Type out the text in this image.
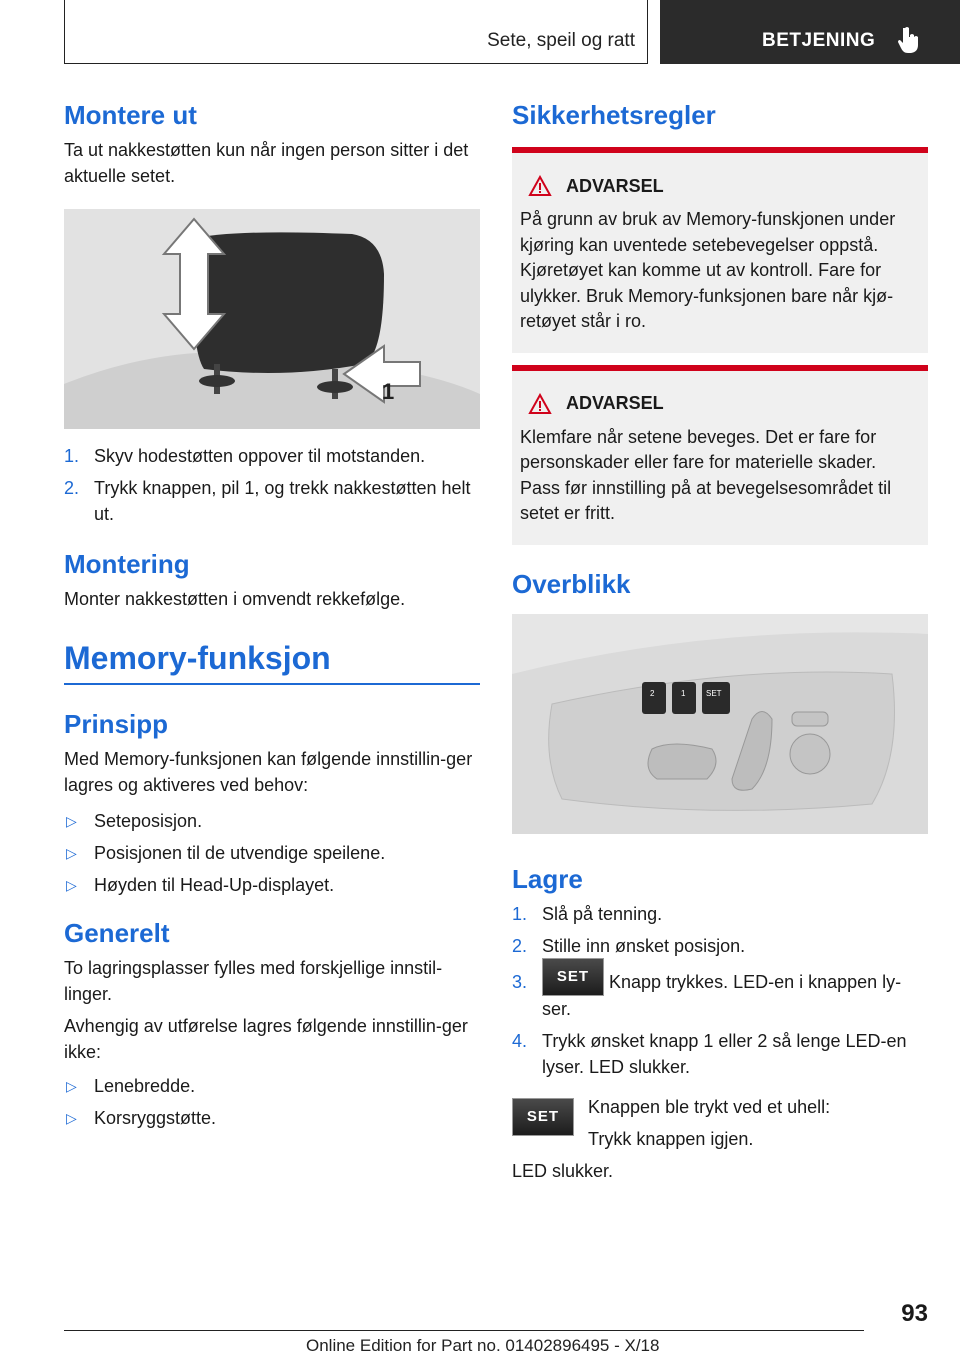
Sete, speil og ratt	BETJENING
Montere ut

Ta ut nakkestøtten kun når ingen person sitter i det aktuelle setet.

1
1. Skyv hodestøtten oppover til motstanden.
2. Trykk knappen, pil 1, og trekk nakkestøtten helt ut.
Montering

Monter nakkestøtten i omvendt rekkefølge.

Memory-funksjon
Prinsipp

Med Memory-funksjonen kan følgende innstillin-ger lagres og aktiveres ved behov:

▷ Seteposisjon.
▷ Posisjonen til de utvendige speilene.
▷ Høyden til Head-Up-displayet.
Generelt

To lagringsplasser fylles med forskjellige innstil-linger.

Avhengig av utførelse lagres følgende innstillin-ger ikke:

▷ Lenebredde.
▷ Korsryggstøtte.
Sikkerhetsregler
ADVARSEL

På grunn av bruk av Memory-funskjonen under kjøring kan uventede setebevegelser oppstå. Kjøretøyet kan komme ut av kontroll. Fare for ulykker. Bruk Memory-funksjonen bare når kjø-retøyet står i ro.

ADVARSEL

Klemfare når setene beveges. Det er fare for personskader eller fare for materielle skader. Pass før innstilling på at bevegelsesområdet til setet er fritt.

Overblikk
2	1	SET
Lagre
1. Slå på tenning.
2. Stille inn ønsket posisjon.
3. SET Knapp trykkes. LED-en i knappen ly-ser.
4. Trykk ønsket knapp 1 eller 2 så lenge LED-en lyser. LED slukker.
SET	Knappen ble trykt ved et uhell:

Trykk knappen igjen.

LED slukker.

93
Online Edition for Part no. 01402896495 - X/18
